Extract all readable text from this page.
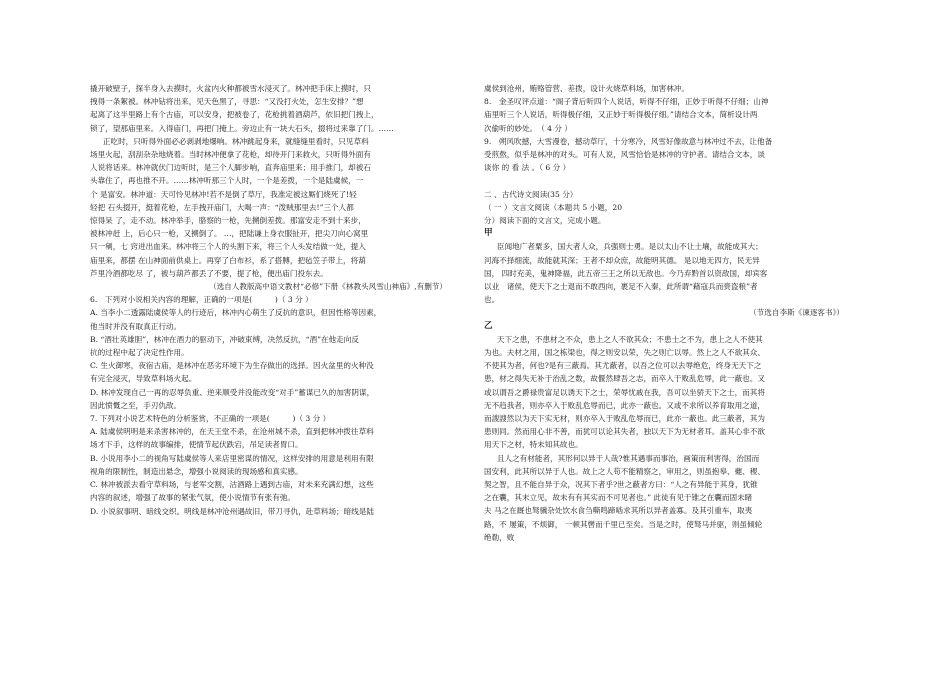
撬开破壁子，探半身入去摸时，火盆内火种都被雪水浸灭了。林冲把手床上摸时，只

拽得一条絮被。林冲钻将出来，见天色黑了，寻思：“又没打火处，怎生安排？”想

起离了这半里路上有个古庙，可以安身，把被卷了，花枪挑着酒葫芦，依旧把门拽上，

锁了，望那庙里来。入得庙门，再把门掩上。旁边止有一块大石头，掇将过来靠了门。……

正吃时，只听得外面必必剥剥地爆响。林冲跳起身来，就缝缝里看时，只见草料

场里火起，刮刮杂杂地烧着。当时林冲便拿了花枪，却待开门来救火，只听得外面有

人说将话来。林冲就伏门边听时，是三个人脚步响，直奔庙里来；用手推门，却被石

头靠住了，再也推不开。……林冲听那三个人时，一个是差拨，一个是陆虞候，一

个 是富安。林冲道：天可怜见林冲!若不是倒了草厅，我准定被这厮们烧死了!轻

轻把 石头掇开，挺着花枪，左手拽开庙门，大喝一声：“泼贼那里去!”三个人都

惊得呆 了，走不动。林冲举手，胳察的一枪，先搠倒差拨。那富安走不到十来步，

被林冲赶 上，后心只一枪，又搠倒了。 …，把陆谦上身衣服扯开，把尖刀向心窝里

只一剜，七 窍迸出血来。林冲将三个人的头割下来，将三个人头发结做一处，提入

庙里来，都摆 在山神面前供桌上。再穿了白布衫，系了搭膊，把毡笠子带上，将葫

芦里冷酒都吃尽 了，被与葫芦都丢了不要，提了枪，便出庙门投东去。

（选自人教版高中语文教材“必修”下册《林教头风雪山神庙》,有删节）

6.　下列对小说相关内容的理解，正确的一项是(　　　)（ 3 分 ）

A. 当李小二透露陆虞侯等人的行迹后，林冲内心萌生了反抗的意识，但因性格等因素，

他当时并没有取真正行动。

B. “酒壮英雄胆”，林冲在酒力的驱动下，冲破束缚，决然反抗，“酒”在他走向反

抗的过程中起了决定性作用。

C. 生火御寒，夜宿古庙，是林冲在恶劣环境下为生存做出的选择。因火盆里的火种没

有完全浸灭，导致草料场火起。

D. 林冲发现自己一再的忍辱负重、逆来顺受并没能改变“对手”蓄谋已久的加害阴谋，

因此愤慨之至，手刃仇敌。

7. 下列对小说艺术特色的分析鉴赏，不正确的一项是(　　　)（ 3 分 ）

A. 陆虞侯明明是来杀害林冲的，在天王堂不杀，在沧州城不杀，直到把林冲拨往草料

场才下手，这样的故事编排，使情节起伏跌宕，吊足读者胃口。

B. 小说用李小二的视角写陆虞侯等人来店里密谋的情况，这样安排的用意是利用有限

视角的限制性，制造出悬念，增强小说阅读的现场感和真实感。

C. 林冲被派去看守草料场，与老军交割，沽酒路上遇到古庙，对未来充满幻想，这些

内容的叙述，增强了故事的紧张气氛，使小说情节有张有弛。

D. 小说叙事明、暗线交织。明线是林冲沧州遇故旧，带刀寻仇，赴草料场；暗线是陆

虞侯到沧州，贿赂管营、差拨，设计火烧草料场，加害林冲。

8.　金圣叹评点道：“阁子背后听四个人说话，听得不仔细，正妙于听得不仔细；山神

庙里听三个人说话，听得极仔细，又正妙于听得极仔细。”请结合文本，简析设计两

次偷听的妙处。　（ 4 分 ）

9.　朔风吹撼，大雪漫卷，撼动草厅，十分寒冷，风雪好像故意与林冲过不去，让他备

受煎熬，似乎是林冲的对头。可有人说，风雪恰恰是林冲的守护者。请结合文本，谈

谈你 的 看 法 。（ 6 分 ）

二 、古代诗文阅读(35 分）

（ 一 ）文言文阅读（本题共 5 小题，20

分）阅读下面的文言文，完成小题。

甲

臣闻地广者粟多，国大者人众，兵强则士勇。是以太山不让土壤，故能成其大；

河海不择细流，故能就其深；王者不却众庶，故能明其德。 是以地无四方，民无异

国， 四时充美，鬼神降福，此五帝三王之所以无敌也。今乃弃黔首以资敌国，却宾客

以业　诸侯，使天下之士退而不敢西向，裹足不入秦，此所谓“藉寇兵而赍盗粮”者

也。

（节选自李斯《谏逐客书》）

乙

天下之患，不患材之不众，患上之人不欲其众；不患士之不为，患上之人不使其

为也。夫材之用，国之栋梁也，得之则安以荣，失之则亡以辱。然上之人不欲其众、

不使其为者，何也?是有三蔽焉。其尤蔽者，以吾之位可以去辱绝危，终身无天下之

患，材之得失无补于治乱之数，故偃然肆吾之志，而卒入于败乱危辱，此一蔽也。又

或以谓吾之爵禄贵富足以诱天下之士，荣辱忧戚在我，吾可以坐骄天下之士，而其将

无不趋我者，则亦卒入于败乱危辱而已，此亦一蔽也。又或不求所以养育取用之道，

而謏謏然以为天下实无材，则亦卒入于败乱危辱而已，此亦一蔽也。此三蔽者，其为

患则同。然而用心非不善，而犹可以论其失者，独以天下为无材者耳。盖其心非不欲

用天下之材，特未知其故也。

且人之有材能者，其形何以异于人哉?惟其遇事而事治，画策而利害得，治国而

国安利，此其所以异于人也。故上之人苟不能精察之，审用之，则虽抱皋、夔、稷、

契之智，且不能自异于众，况其下者乎?世之蔽者方曰：“人之有异能于其身，犹锥

之在囊，其末立见，故未有有其实而不可见者也。” 此徒有见于锥之在囊而固未睹

夫 马之在厩也驽骥杂处饮水食刍嘶鸣蹄啮求其所以异者盖寡。及其引重车，取夷

路，不 屡策，不烦御， 一顿其辔而千里已至矣。当是之时，使驽马并驱，则虽倾轮

绝勒，败
